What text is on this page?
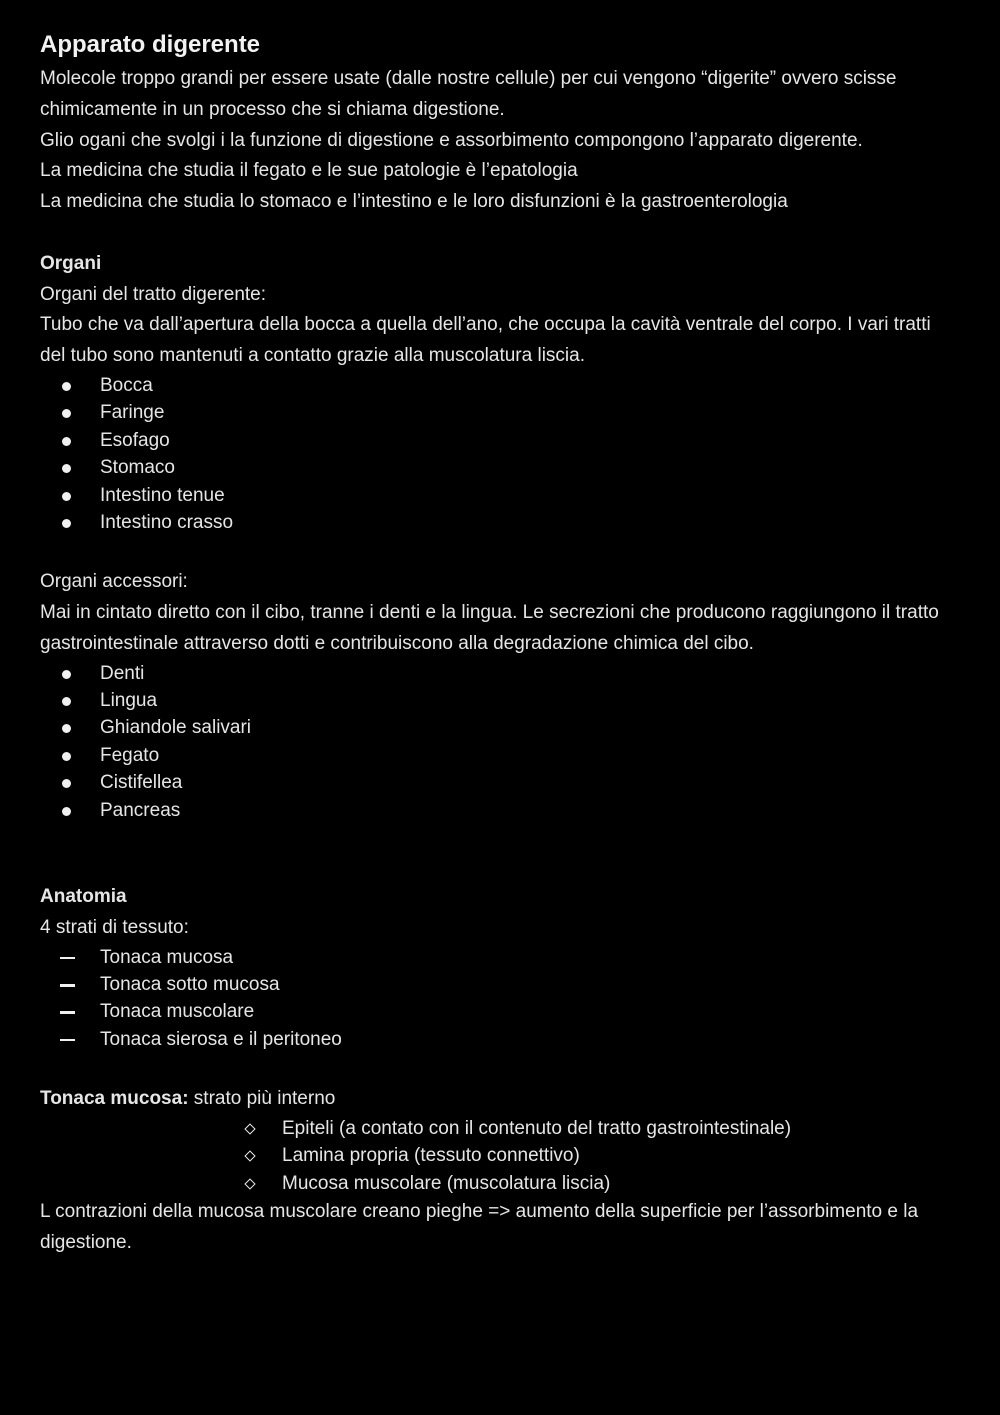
Apparato digerente

Molecole troppo grandi per essere usate (dalle nostre cellule) per cui vengono “digerite” ovvero scisse chimicamente in un processo che si chiama digestione.

Glio ogani che svolgi i la funzione di digestione e assorbimento compongono l’apparato digerente.

La medicina che studia il fegato e le sue patologie è l’epatologia

La medicina che studia lo stomaco e l’intestino e le loro disfunzioni è la gastroenterologia

Organi

Organi del tratto digerente:

Tubo che va dall’apertura della bocca a quella dell’ano, che occupa la cavità ventrale del corpo. I vari tratti del tubo sono mantenuti a contatto grazie alla muscolatura liscia.

Bocca
Faringe
Esofago
Stomaco
Intestino tenue
Intestino crasso

Organi accessori:

Mai in cintato diretto con il cibo, tranne i denti e la lingua. Le secrezioni che producono raggiungono il tratto gastrointestinale attraverso dotti e contribuiscono alla degradazione chimica del cibo.

Denti
Lingua
Ghiandole salivari
Fegato
Cistifellea
Pancreas
Anatomia

4 strati di tessuto:

Tonaca mucosa
Tonaca sotto mucosa
Tonaca muscolare
Tonaca sierosa e il peritoneo

Tonaca mucosa: strato più interno

Epiteli (a contato con il contenuto del tratto gastrointestinale)
Lamina propria (tessuto connettivo)
Mucosa muscolare (muscolatura liscia)

L contrazioni della mucosa muscolare creano pieghe => aumento della superficie per l’assorbimento e la digestione.
